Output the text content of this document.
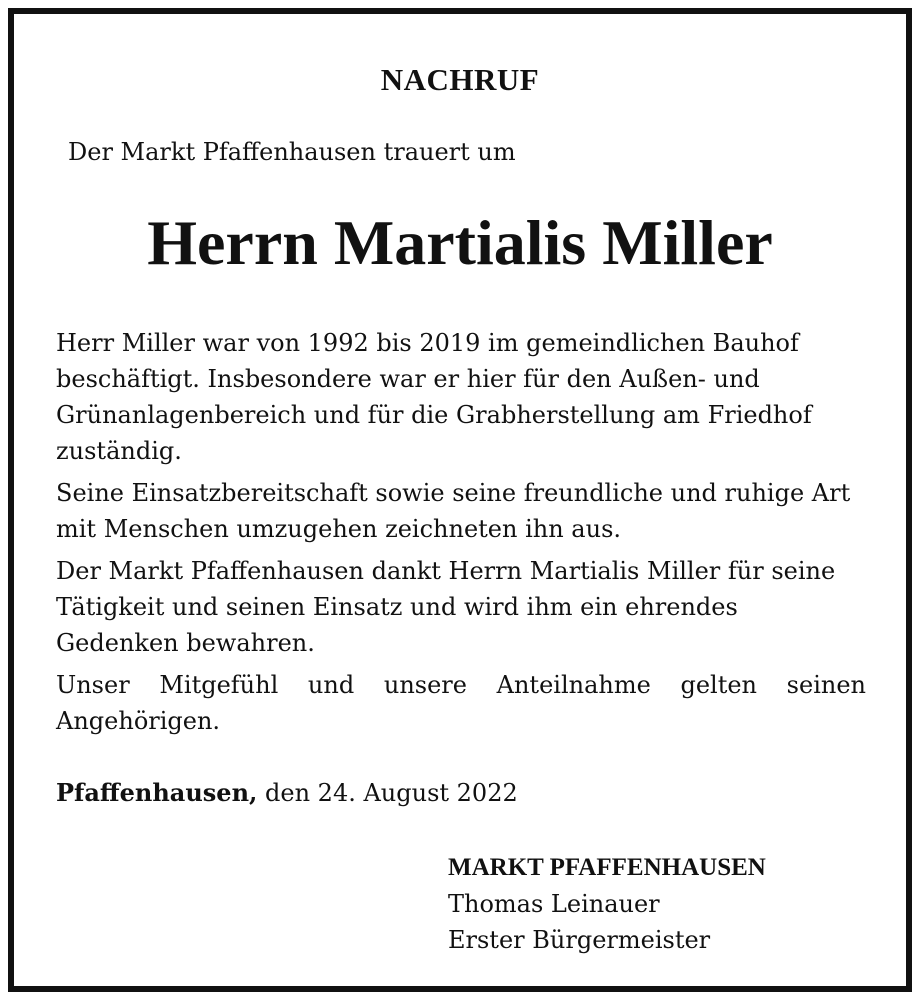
NACHRUF

Der Markt Pfaffenhausen trauert um

Herrn Martialis Miller

Herr Miller war von 1992 bis 2019 im gemeindlichen Bauhof beschäftigt. Insbesondere war er hier für den Außen- und Grünanlagenbereich und für die Grabherstellung am Friedhof zuständig.

Seine Einsatzbereitschaft sowie seine freundliche und ruhige Art mit Menschen umzugehen zeichneten ihn aus.

Der Markt Pfaffenhausen dankt Herrn Martialis Miller für seine Tätigkeit und seinen Einsatz und wird ihm ein ehrendes Gedenken bewahren.

Unser Mitgefühl und unsere Anteilnahme gelten seinen Angehörigen.

Pfaffenhausen, den 24. August 2022

MARKT PFAFFENHAUSEN
Thomas Leinauer
Erster Bürgermeister
